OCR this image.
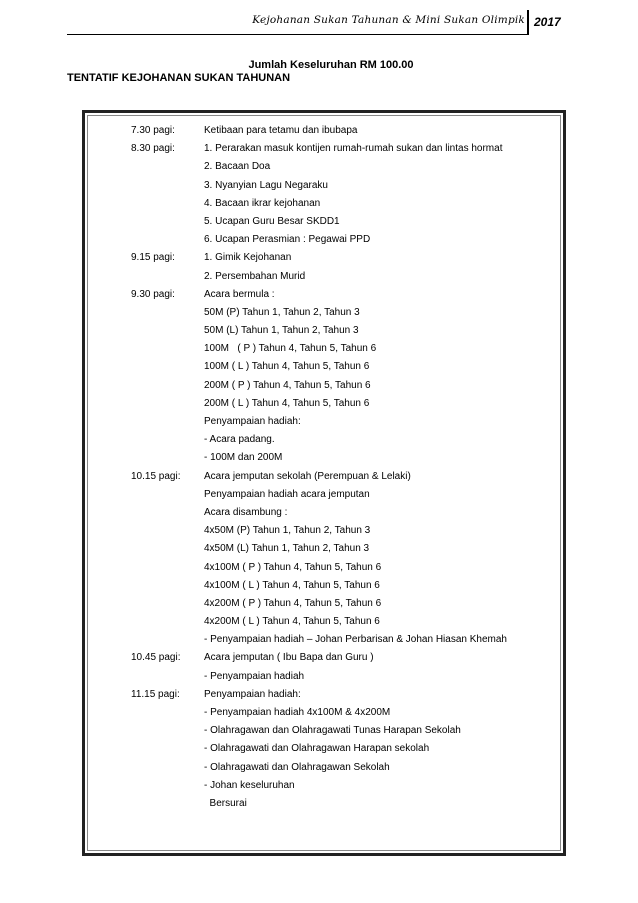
Kejohanan Sukan Tahunan & Mini Sukan Olimpik 2017
Jumlah Keseluruhan RM 100.00
TENTATIF KEJOHANAN SUKAN TAHUNAN
7.30 pagi:	Ketibaan para tetamu dan ibubapa
8.30 pagi:	1. Perarakan masuk kontijen rumah-rumah sukan dan lintas hormat
2. Bacaan Doa
3. Nyanyian Lagu Negaraku
4. Bacaan ikrar kejohanan
5. Ucapan Guru Besar SKDD1
6. Ucapan Perasmian : Pegawai PPD
9.15 pagi:	1. Gimik Kejohanan
2. Persembahan Murid
9.30 pagi:	Acara bermula :
50M (P) Tahun 1, Tahun 2, Tahun 3
50M (L) Tahun 1, Tahun 2, Tahun 3
100M   ( P ) Tahun 4, Tahun 5, Tahun 6
100M ( L ) Tahun 4, Tahun 5, Tahun 6
200M ( P ) Tahun 4, Tahun 5, Tahun 6
200M ( L ) Tahun 4, Tahun 5, Tahun 6
Penyampaian hadiah:
- Acara padang.
- 100M dan 200M
10.15 pagi:	Acara jemputan sekolah (Perempuan & Lelaki)
Penyampaian hadiah acara jemputan
Acara disambung :
4x50M (P) Tahun 1, Tahun 2, Tahun 3
4x50M (L) Tahun 1, Tahun 2, Tahun 3
4x100M ( P ) Tahun 4, Tahun 5, Tahun 6
4x100M ( L ) Tahun 4, Tahun 5, Tahun 6
4x200M ( P ) Tahun 4, Tahun 5, Tahun 6
4x200M ( L ) Tahun 4, Tahun 5, Tahun 6
- Penyampaian hadiah – Johan Perbarisan & Johan Hiasan Khemah
10.45 pagi:	Acara jemputan ( Ibu Bapa dan Guru )
- Penyampaian hadiah
11.15 pagi:	Penyampaian hadiah:
- Penyampaian hadiah 4x100M & 4x200M
- Olahragawan dan Olahragawati Tunas Harapan Sekolah
- Olahragawati dan Olahragawan Harapan sekolah
- Olahragawati dan Olahragawan Sekolah
- Johan keseluruhan
Bersurai
